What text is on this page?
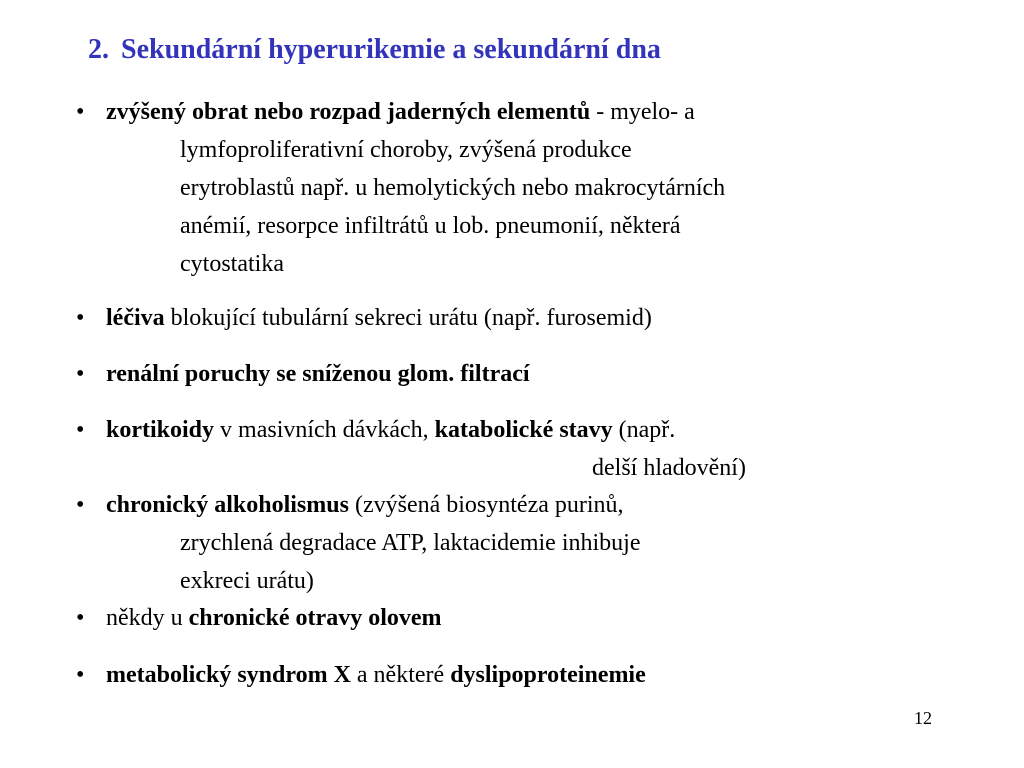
2. Sekundární hyperurikemie a sekundární dna
• zvýšený obrat nebo rozpad jaderných elementů - myelo- a
lymfoproliferativní choroby, zvýšená produkce
erytroblastů např. u hemolytických nebo makrocytárních
anémií, resorpce infiltrátů u lob. pneumonií, některá
cytostatika
• léčiva blokující tubulární sekreci urátu (např. furosemid)
• renální poruchy se sníženou glom. filtrací
• kortikoidy v masivních dávkách, katabolické stavy (např.
delší hladovění)
• chronický alkoholismus (zvýšená biosyntéza purinů,
zrychlená degradace ATP, laktacidemie inhibuje
exkreci urátu)
• někdy u chronické otravy olovem
• metabolický syndrom X a některé dyslipoproteinemie
12
